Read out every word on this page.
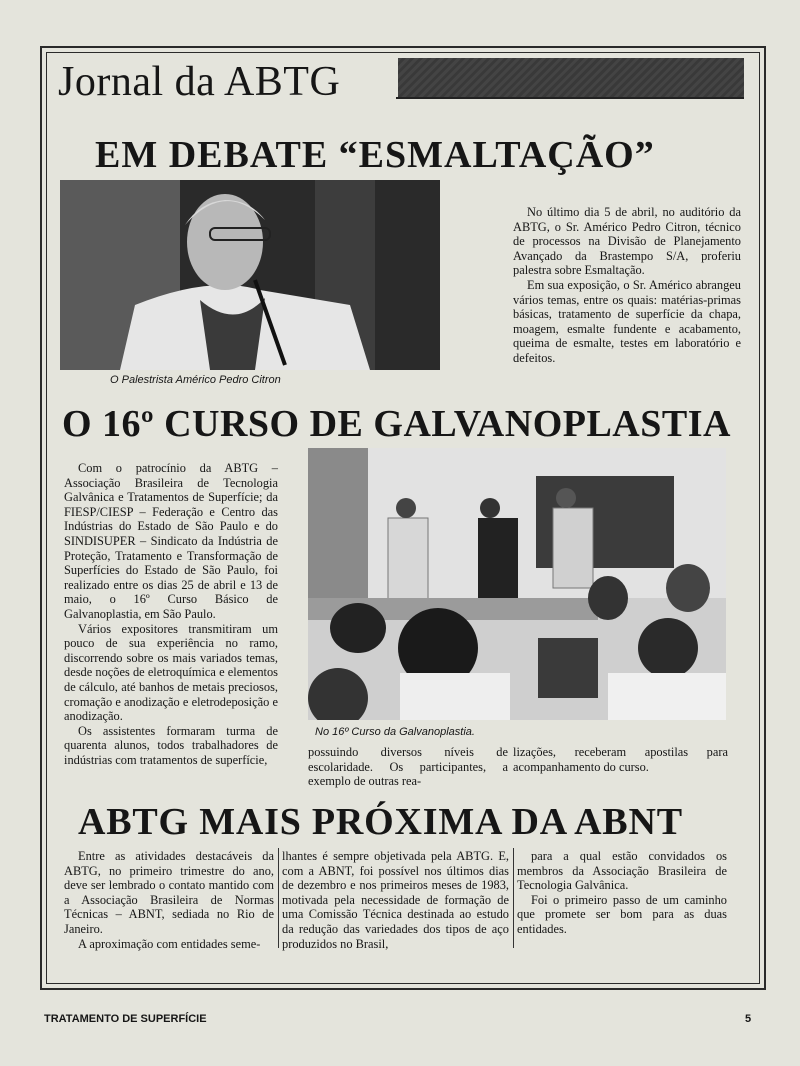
Jornal da ABTG
EM DEBATE “ESMALTAÇÃO”
O Palestrista Américo Pedro Citron

No último dia 5 de abril, no auditório da ABTG, o Sr. Américo Pedro Citron, técnico de processos na Divisão de Planejamento Avançado da Brastempo S/A, proferiu palestra sobre Esmaltação.

Em sua exposição, o Sr. Américo abrangeu vários temas, entre os quais: matérias-primas básicas, tratamento de superfície da chapa, moagem, esmalte fundente e acabamento, queima de esmalte, testes em laboratório e defeitos.

O 16º CURSO DE GALVANOPLASTIA

Com o patrocínio da ABTG – Associação Brasileira de Tecnologia Galvânica e Tratamentos de Superfície; da FIESP/CIESP – Federação e Centro das Indústrias do Estado de São Paulo e do SINDISUPER – Sindicato da Indústria de Proteção, Tratamento e Transformação de Superfícies do Estado de São Paulo, foi realizado entre os dias 25 de abril e 13 de maio, o 16º Curso Básico de Galvanoplastia, em São Paulo.

Vários expositores transmitiram um pouco de sua experiência no ramo, discorrendo sobre os mais variados temas, desde noções de eletroquímica e elementos de cálculo, até banhos de metais preciosos, cromação e anodização e eletrodeposição e anodização.

Os assistentes formaram turma de quarenta alunos, todos trabalhadores de indústrias com tratamentos de superfície,

No 16º Curso da Galvanoplastia.
possuindo diversos níveis de escolaridade. Os participantes, a exemplo de outras rea-
lizações, receberam apostilas para acompanhamento do curso.
ABTG MAIS PRÓXIMA DA ABNT

Entre as atividades destacáveis da ABTG, no primeiro trimestre do ano, deve ser lembrado o contato mantido com a Associação Brasileira de Normas Técnicas – ABNT, sediada no Rio de Janeiro.

A aproximação com entidades seme-

lhantes é sempre objetivada pela ABTG. E, com a ABNT, foi possível nos últimos dias de dezembro e nos primeiros meses de 1983, motivada pela necessidade de formação de uma Comissão Técnica destinada ao estudo da redução das variedades dos tipos de aço produzidos no Brasil,

para a qual estão convidados os membros da Associação Brasileira de Tecnologia Galvânica.

Foi o primeiro passo de um caminho que promete ser bom para as duas entidades.

TRATAMENTO DE SUPERFÍCIE	5
